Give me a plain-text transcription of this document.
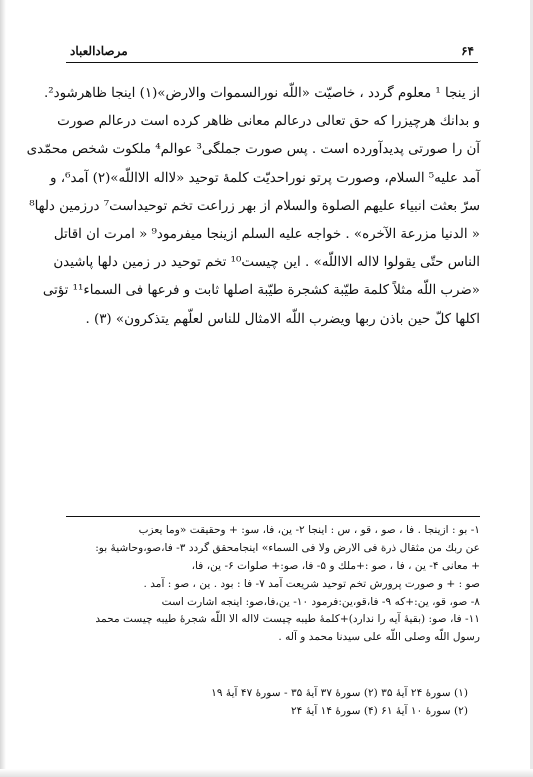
۶۴
مرصادالعباد
از ینجا ¹ معلوم گردد ، خاصیّت «اللّه نورالسموات والارض»(١) اینجا ظاهرشود².
و بدانك هرچیزرا که حق تعالی درعالم معانی ظاهر کرده است درعالم صورت
آن را صورتی پدیدآورده است . پس صورت جملگی³ عوالم⁴ ملکوت شخص محمّدی
آمد علیه⁵ السلام، وصورت پرتو نوراحدیّت کلمهٔ توحید «لااله الااللّه»(٢) آمد⁶، و
سرّ بعثت انبیاء علیهم الصلوة والسلام از بهر زراعت تخم توحیداست⁷ درزمین دلها⁸
« الدنیا مزرعة الآخره» . خواجه علیه السلم ازینجا میفرمود⁹ « امرت ان اقاتل
الناس حتّی یقولوا لااله الااللّه» . این چیست¹⁰ تخم توحید در زمین دلها پاشیدن
«ضرب اللّه مثلاً کلمة طیّبة کشجرة طیّبة اصلها ثابت و فرعها فی السماء¹¹ تؤتی
اکلها کلّ حین باذن ربها ویضرب اللّه الامثال للناس لعلّهم یتذکرون» (٣) .
۱- بو : ازینجا . فا ، صو ، قو ، س : اینجا ۲- ین، فا، سو: + وحقیقت «وما یعزب
عن ربك من مثقال ذرة فی الارض ولا فی السماء» اینجامحقق گردد ۳- فا،صو،وحاشیهٔ بو:
+ معانی ۴- ین ، فا ، صو :+ملك و ۵- فا، صو:+ صلوات ۶- ین، فا،
صو : + و صورت پرورش تخم توحید شریعت آمد ۷- فا : بود . ین ، صو : آمد .
۸- صو، قو، ین:+که ۹- فا،قو،ین:فرمود ۱۰- ین،فا،صو: اینجه اشارت است
۱۱- فا، صو: (بقیهٔ آیه را ندارد)+کلمهٔ طیبه چیست لااله الا اللّه شجرهٔ طیبه چیست محمد
رسول اللّه وصلی اللّه علی سیدنا محمد و آله .
(۱) سورهٔ ۲۴ آیهٔ ۳۵ (۲) سورهٔ ۳۷ آیهٔ ۳۵ - سورهٔ ۴۷ آیهٔ ۱۹
(۲) سورهٔ ۱۰ آیهٔ ۶۱ (۴) سورهٔ ۱۴ آیهٔ ۲۴
